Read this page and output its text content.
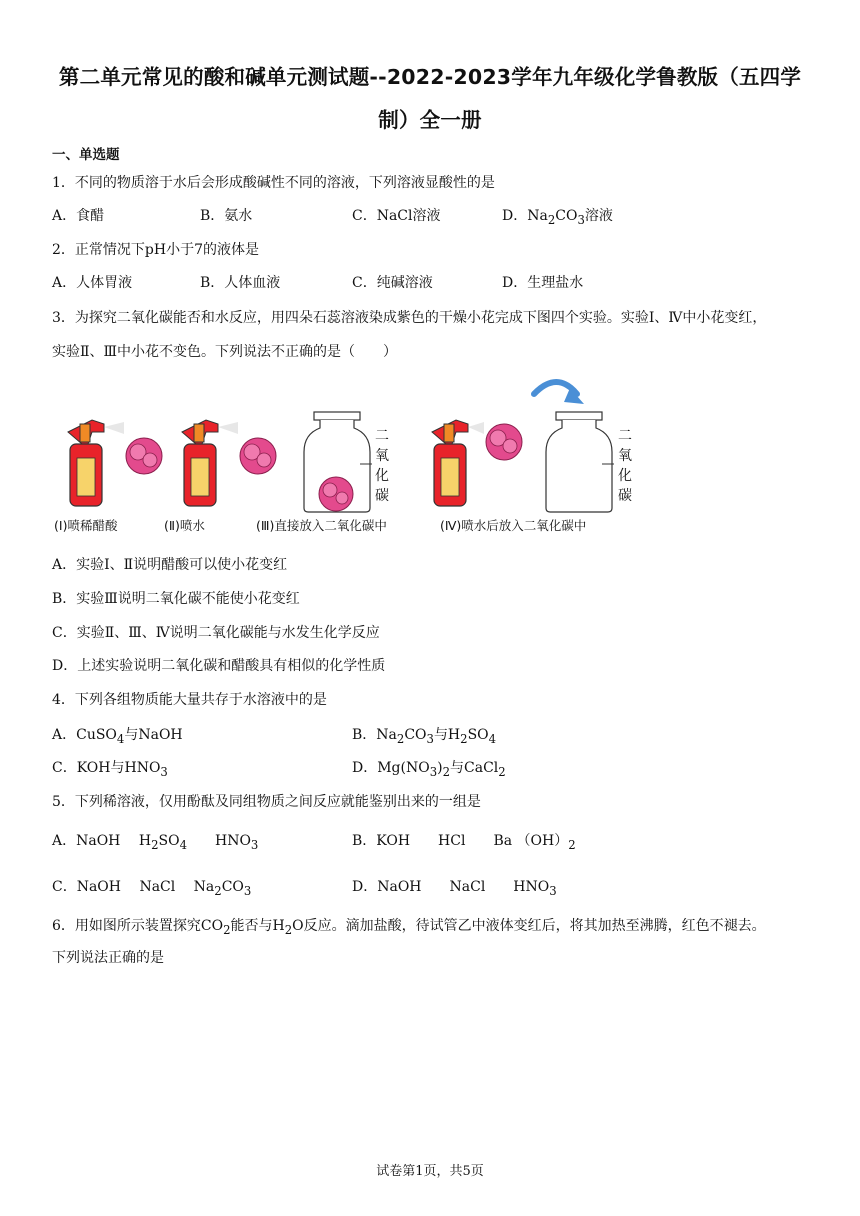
第二单元常见的酸和碱单元测试题--2022-2023学年九年级化学鲁教版（五四学
制）全一册
一、单选题
1．不同的物质溶于水后会形成酸碱性不同的溶液，下列溶液显酸性的是
A．食醋	B．氨水	C．NaCl溶液	D．$Na_2CO_3$溶液
2．正常情况下pH小于7的液体是
A．人体胃液	B．人体血液	C．纯碱溶液	D．生理盐水
3．为探究二氧化碳能否和水反应，用四朵石蕊溶液染成紫色的干燥小花完成下图四个实验。实验Ⅰ、Ⅳ中小花变红，
实验Ⅱ、Ⅲ中小花不变色。下列说法不正确的是（　　）
二
氧
化
碳
二
氧
化
碳
(Ⅰ)喷稀醋酸	(Ⅱ)喷水	(Ⅲ)直接放入二氧化碳中	(Ⅳ)喷水后放入二氧化碳中
A．实验Ⅰ、Ⅱ说明醋酸可以使小花变红
B．实验Ⅲ说明二氧化碳不能使小花变红
C．实验Ⅱ、Ⅲ、Ⅳ说明二氧化碳能与水发生化学反应
D．上述实验说明二氧化碳和醋酸具有相似的化学性质
4．下列各组物质能大量共存于水溶液中的是
A．CuSO$_4$与NaOH	B．$Na_2CO_3$与$H_2SO_4$
C．KOH与$HNO_3$	D．$Mg(NO_3)_2$与CaCl$_2$
5．下列稀溶液，仅用酚酞及同组物质之间反应就能鉴别出来的一组是
A．NaOH　 $H_2SO_4$　　$HNO_3$	B．KOH　　HCl　　Ba $(OH)_2$
C．NaOH　 NaCl　 $Na_2CO_3$	D．NaOH　　NaCl　　$HNO_3$
6．用如图所示装置探究$CO_2$能否与$H_2O$反应。滴加盐酸，待试管乙中液体变红后，将其加热至沸腾，红色不褪去。
下列说法正确的是
试卷第1页，共5页
